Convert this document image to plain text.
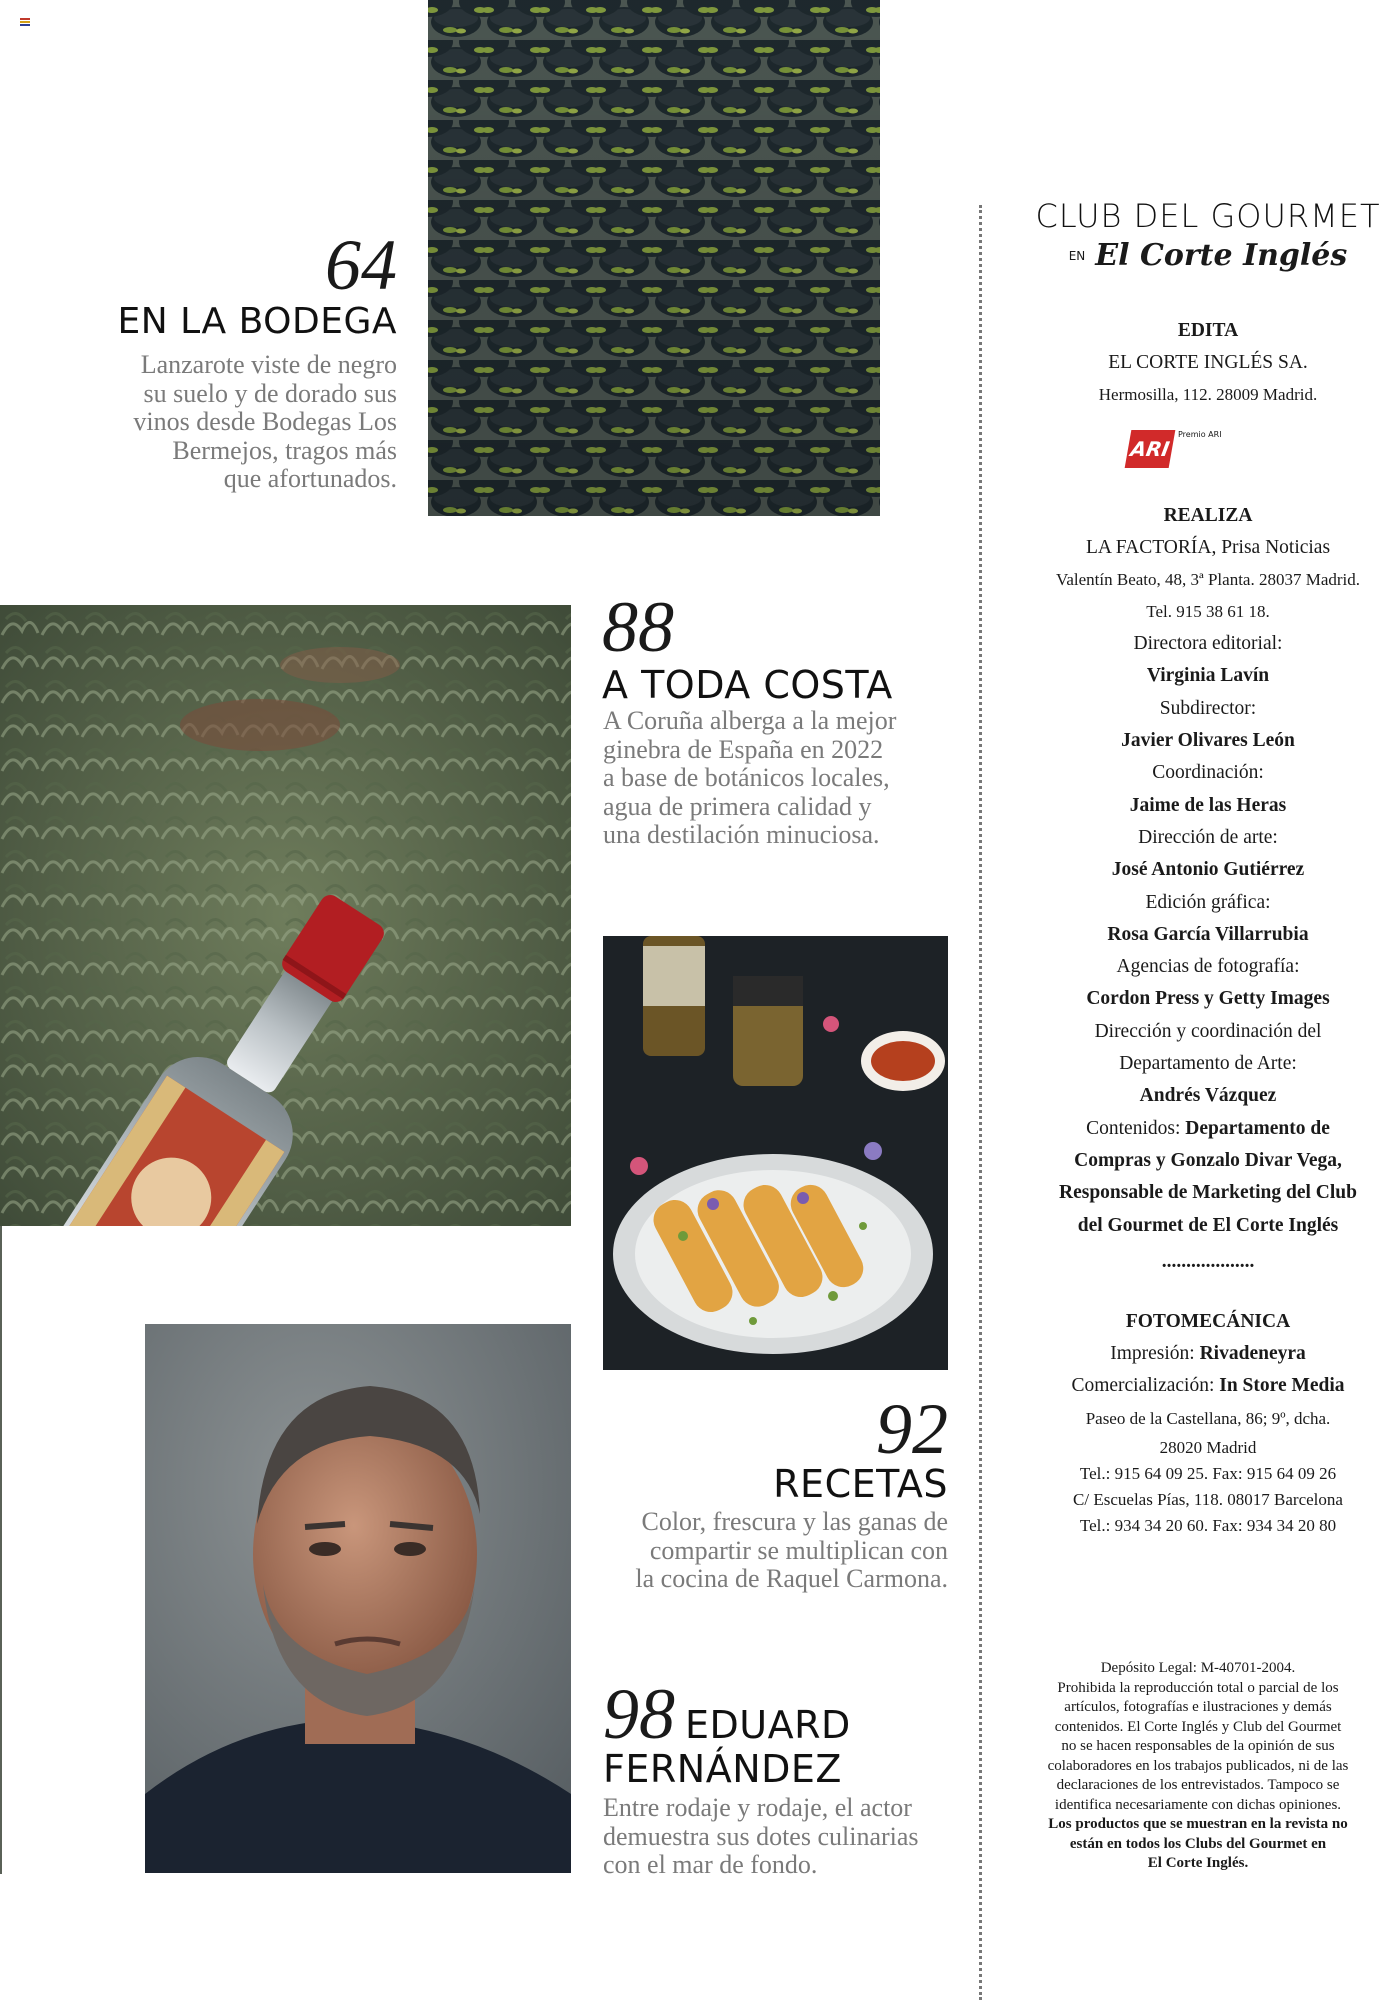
64
EN LA BODEGA
Lanzarote viste de negro
su suelo y de dorado sus
vinos desde Bodegas Los
Bermejos, tragos más
que afortunados.
88
A TODA COSTA
A Coruña alberga a la mejor
ginebra de España en 2022
a base de botánicos locales,
agua de primera calidad y
una destilación minuciosa.
92
RECETAS
Color, frescura y las ganas de
compartir se multiplican con
la cocina de Raquel Carmona.
98 EDUARD
FERNÁNDEZ
Entre rodaje y rodaje, el actor
demuestra sus dotes culinarias
con el mar de fondo.
CLUB DEL GOURMET
EN El Corte Inglés
EDITA
EL CORTE INGLÉS SA.
Hermosilla, 112. 28009 Madrid.
ARI
Premio ARI
REALIZA
LA FACTORÍA, Prisa Noticias
Valentín Beato, 48, 3ª Planta. 28037 Madrid.
Tel. 915 38 61 18.
Directora editorial:
Virginia Lavín
Subdirector:
Javier Olivares León
Coordinación:
Jaime de las Heras
Dirección de arte:
José Antonio Gutiérrez
Edición gráfica:
Rosa García Villarrubia
Agencias de fotografía:
Cordon Press y Getty Images
Dirección y coordinación del
Departamento de Arte:
Andrés Vázquez
Contenidos: Departamento de
Compras y Gonzalo Divar Vega,
Responsable de Marketing del Club
del Gourmet de El Corte Inglés
...................
FOTOMECÁNICA
Impresión: Rivadeneyra
Comercialización: In Store Media
Paseo de la Castellana, 86; 9º, dcha.
28020 Madrid
Tel.: 915 64 09 25. Fax: 915 64 09 26
C/ Escuelas Pías, 118. 08017 Barcelona
Tel.: 934 34 20 60. Fax: 934 34 20 80
Depósito Legal: M-40701-2004.
Prohibida la reproducción total o parcial de los
artículos, fotografías e ilustraciones y demás
contenidos. El Corte Inglés y Club del Gourmet
no se hacen responsables de la opinión de sus
colaboradores en los trabajos publicados, ni de las
declaraciones de los entrevistados. Tampoco se
identifica necesariamente con dichas opiniones.
Los productos que se muestran en la revista no
están en todos los Clubs del Gourmet en
El Corte Inglés.
